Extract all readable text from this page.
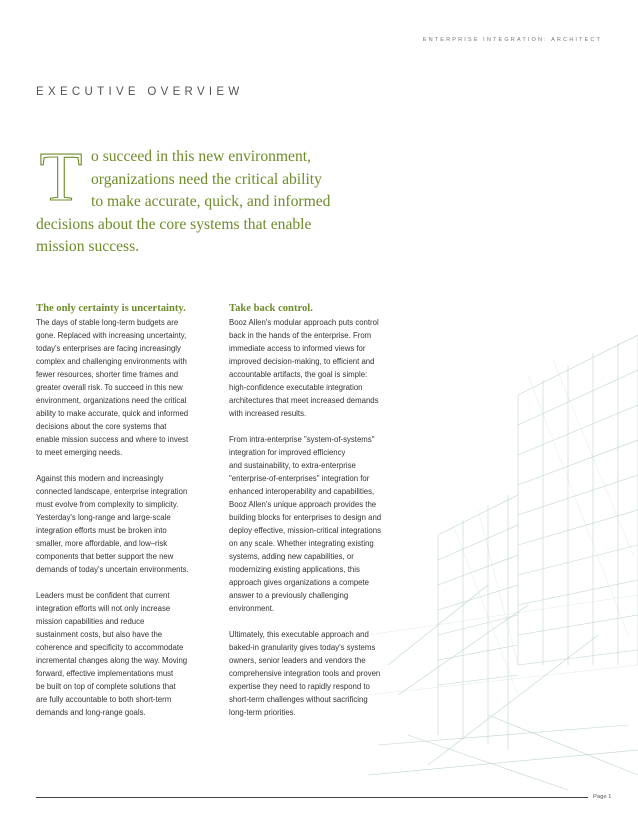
ENTERPRISE INTEGRATION: ARCHITECT
EXECUTIVE OVERVIEW
T o succeed in this new environment,
organizations need the critical ability
to make accurate, quick, and informed
decisions about the core systems that enable
mission success.
The only certainty is uncertainty.

The days of stable long-term budgets are
gone. Replaced with increasing uncertainty,
today's enterprises are facing increasingly
complex and challenging environments with
fewer resources, shorter time frames and
greater overall risk. To succeed in this new
environment, organizations need the critical
ability to make accurate, quick and informed
decisions about the core systems that
enable mission success and where to invest
to meet emerging needs.

Against this modern and increasingly
connected landscape, enterprise integration
must evolve from complexity to simplicity.
Yesterday's long-range and large-scale
integration efforts must be broken into
smaller, more affordable, and low–risk
components that better support the new
demands of today's uncertain environments.

Leaders must be confident that current
integration efforts will not only increase
mission capabilities and reduce
sustainment costs, but also have the
coherence and specificity to accommodate
incremental changes along the way. Moving
forward, effective implementations must
be built on top of complete solutions that
are fully accountable to both short-term
demands and long-range goals.

Take back control.

Booz Allen's modular approach puts control
back in the hands of the enterprise. From
immediate access to informed views for
improved decision-making, to efficient and
accountable artifacts, the goal is simple:
high-confidence executable integration
architectures that meet increased demands
with increased results.

From intra-enterprise "system-of-systems"
integration for improved efficiency
and sustainability, to extra-enterprise
"enterprise-of-enterprises" integration for
enhanced interoperability and capabilities,
Booz Allen's unique approach provides the
building blocks for enterprises to design and
deploy effective, mission-critical integrations
on any scale. Whether integrating existing
systems, adding new capabilities, or
modernizing existing applications, this
approach gives organizations a compete
answer to a previously challenging
environment.

Ultimately, this executable approach and
baked-in granularity gives today's systems
owners, senior leaders and vendors the
comprehensive integration tools and proven
expertise they need to rapidly respond to
short-term challenges without sacrificing
long-term priorities.

Page 1
